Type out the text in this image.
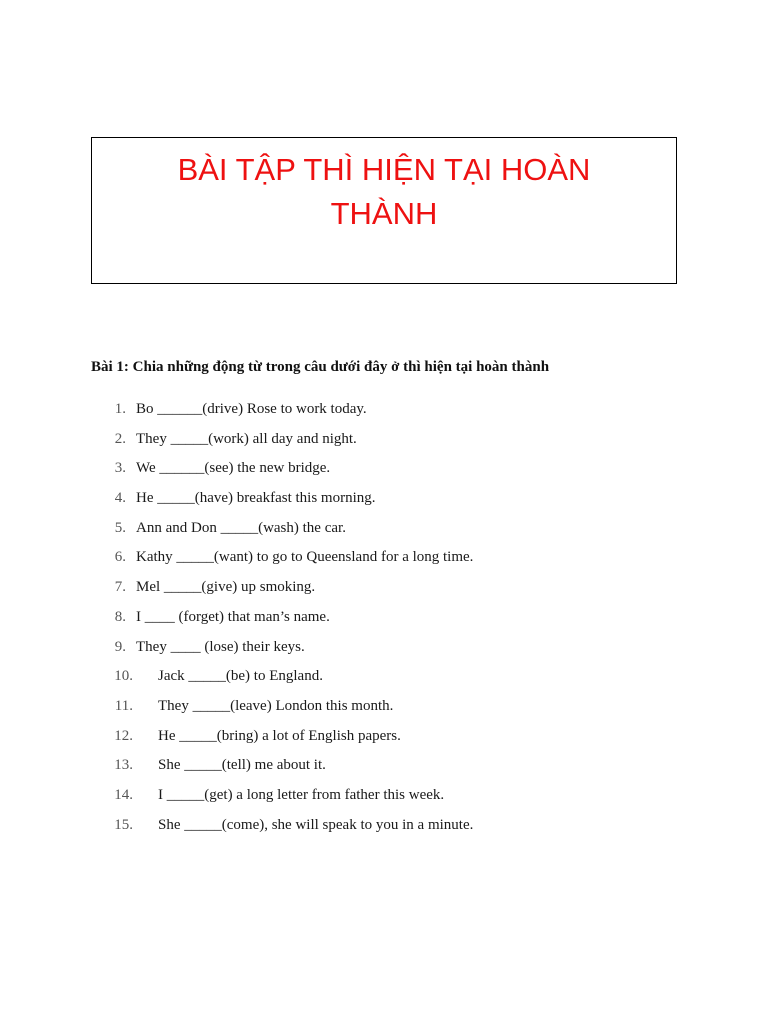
BÀI TẬP THÌ HIỆN TẠI HOÀN
THÀNH
Bài 1: Chia những động từ trong câu dưới đây ở thì hiện tại hoàn thành
1. Bo ______(drive) Rose to work today.
2. They _____(work) all day and night.
3. We ______(see) the new bridge.
4. He _____(have) breakfast this morning.
5. Ann and Don _____(wash) the car.
6. Kathy _____(want) to go to Queensland for a long time.
7. Mel _____(give) up smoking.
8. I ____ (forget) that man’s name.
9. They ____ (lose) their keys.
10. Jack _____(be) to England.
11. They _____(leave) London this month.
12. He _____(bring) a lot of English papers.
13. She _____(tell) me about it.
14. I _____(get) a long letter from father this week.
15. She _____(come), she will speak to you in a minute.
